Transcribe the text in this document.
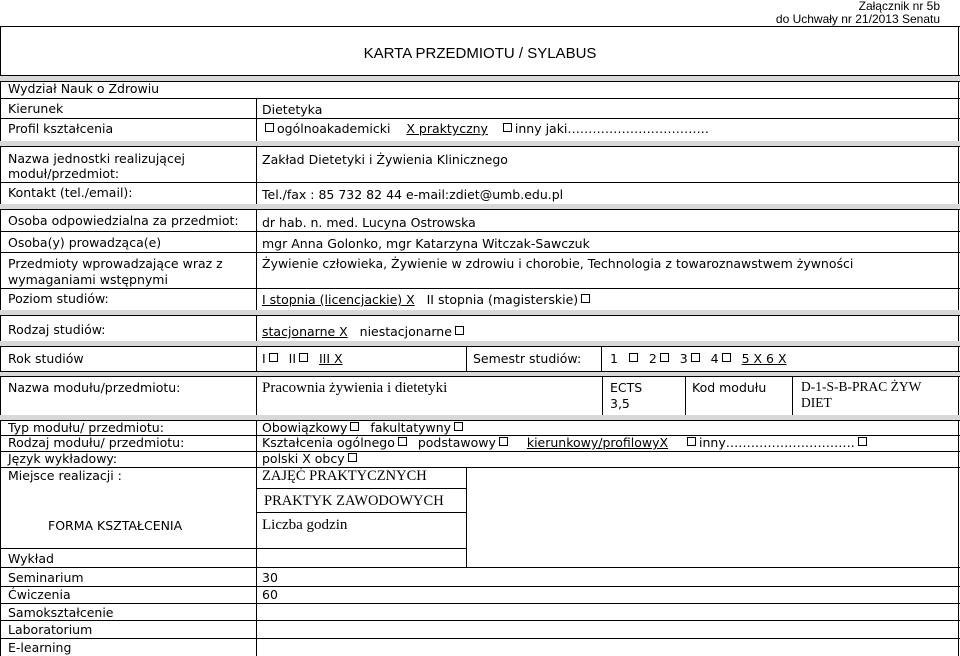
Załącznik nr 5b
do Uchwały nr 21/2013 Senatu
KARTA PRZEDMIOTU / SYLABUS
Wydział Nauk o Zdrowiu
Kierunek	Dietetyka
Profil kształcenia	ogólnoakademicki X praktyczny inny jaki…………………………….
Nazwa jednostki realizującej
moduł/przedmiot:
Zakład Dietetyki i Żywienia Klinicznego
Kontakt (tel./email):	Tel./fax : 85 732 82 44 e-mail:zdiet@umb.edu.pl
Osoba odpowiedzialna za przedmiot: dr hab. n. med. Lucyna Ostrowska
Osoba(y) prowadząca(e)	mgr Anna Golonko, mgr Katarzyna Witczak-Sawczuk
Przedmioty wprowadzające wraz z
wymaganiami wstępnymi
Żywienie człowieka, Żywienie w zdrowiu i chorobie, Technologia z towaroznawstwem żywności
Poziom studiów:	I stopnia (licencjackie) X II stopnia (magisterskie)
Rodzaj studiów:	stacjonarne X niestacjonarne
Rok studiów	I II III X	Semestr studiów: 1 2 3 4 5 X 6 X
Nazwa modułu/przedmiotu:	Pracownia żywienia i dietetyki	ECTS
3,5
Kod modułu	D-1-S-B-PRAC ŻYW
DIET
Typ modułu/ przedmiotu:	Obowiązkowy fakultatywny
Rodzaj modułu/ przedmiotu:	Kształcenia ogólnego podstawowy kierunkowy/profilowyX inny………………………….
Język wykładowy:	polski X obcy
Miejsce realizacji :	ZAJĘĆ PRAKTYCZNYCH
PRAKTYK ZAWODOWYCH
FORMA KSZTAŁCENIA	Liczba godzin
Wykład
Seminarium	30
Ćwiczenia	60
Samokształcenie
Laboratorium
E-learning
